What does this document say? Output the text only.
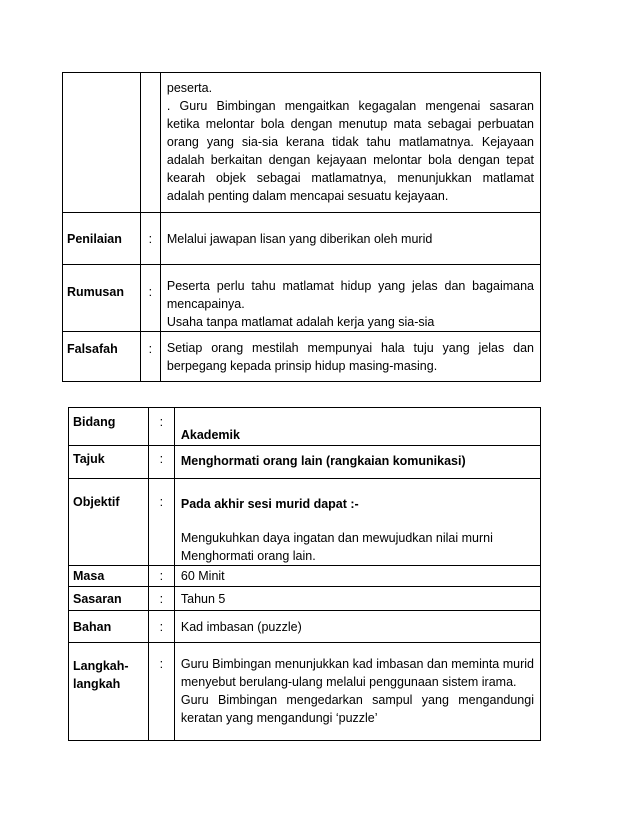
		peserta.

. Guru Bimbingan mengaitkan kegagalan mengenai sasaran ketika melontar bola dengan menutup mata sebagai perbuatan orang yang sia-sia kerana tidak tahu matlamatnya. Kejayaan adalah berkaitan dengan kejayaan melontar bola dengan tepat kearah objek sebagai matlamatnya, menunjukkan matlamat adalah penting dalam mencapai sesuatu kejayaan.

Penilaian	:	Melalui jawapan lisan yang diberikan oleh murid
Rumusan	:	Peserta perlu tahu matlamat hidup yang jelas dan bagaimana mencapainya.

Usaha tanpa matlamat adalah kerja yang sia-sia

Falsafah	:	Setiap orang mestilah mempunyai hala tuju yang jelas dan berpegang kepada prinsip hidup masing-masing.
Bidang	:	Akademik
Tajuk	:	Menghormati orang lain (rangkaian komunikasi)
Objektif	:	Pada akhir sesi murid dapat :-

Mengukuhkan daya ingatan dan mewujudkan nilai murni

Menghormati orang lain.

Masa	:	60 Minit
Sasaran	:	Tahun 5
Bahan	:	Kad imbasan (puzzle)
Langkah-langkah	:	Guru Bimbingan menunjukkan kad imbasan dan meminta murid menyebut berulang-ulang melalui penggunaan sistem irama.

Guru Bimbingan mengedarkan sampul yang mengandungi keratan yang mengandungi ‘puzzle’
